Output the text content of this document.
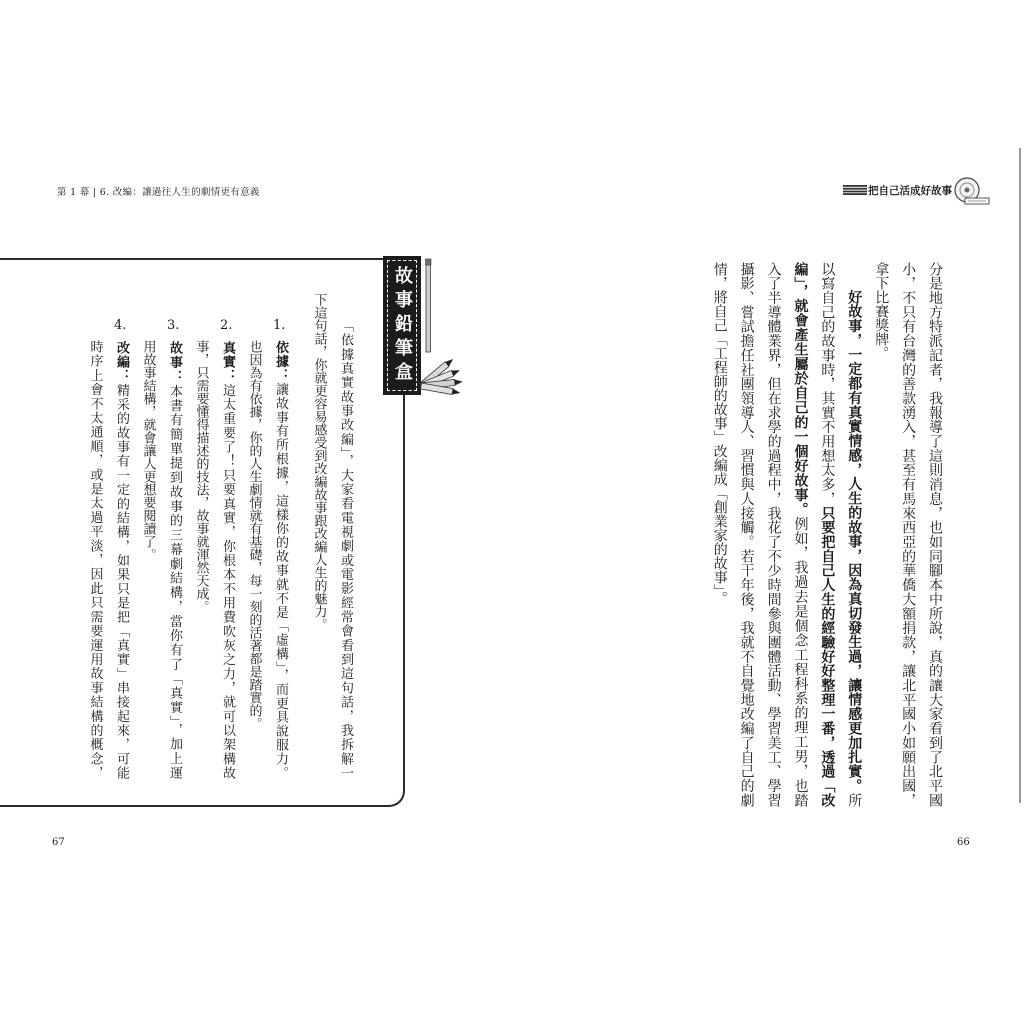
第 1 幕 | 6. 改編：讓過往人生的劇情更有意義
故事鉛筆盒
「依據真實故事改編」，大家看電視劇或電影經常會看到這句話，我拆解一
下這句話，你就更容易感受到改編故事跟改編人生的魅力。
1.依據：讓故事有所根據，這樣你的故事就不是「虛構」，而更具說服力。
也因為有依據，你的人生劇情就有基礎，每一刻的活著都是踏實的。
2.真實：這太重要了！只要真實，你根本不用費吹灰之力，就可以架構故
事，只需要懂得描述的技法，故事就渾然天成。
3.故事：本書有簡單提到故事的三幕劇結構，當你有了「真實」，加上運
用故事結構，就會讓人更想要閱讀了。
4.改編：精采的故事有一定的結構，如果只是把「真實」串接起來，可能
時序上會不太通順，或是太過平淡，因此只需要運用故事結構的概念，
67
把自己活成好故事
分是地方特派記者，我報導了這則消息，也如同腳本中所說，真的讓大家看到了北平國
小，不只有台灣的善款湧入，甚至有馬來西亞的華僑大額捐款，讓北平國小如願出國，
拿下比賽獎牌。
好故事，一定都有真實情感，人生的故事，因為真切發生過，讓情感更加扎實。所
以寫自己的故事時，其實不用想太多，只要把自己人生的經驗好好整理一番，透過「改
編」，就會產生屬於自己的一個好故事。例如，我過去是個念工程科系的理工男，也踏
入了半導體業界，但在求學的過程中，我花了不少時間參與團體活動、學習美工、學習
攝影、嘗試擔任社團領導人、習慣與人接觸。若干年後，我就不自覺地改編了自己的劇
情，將自己「工程師的故事」改編成「創業家的故事」。
66
